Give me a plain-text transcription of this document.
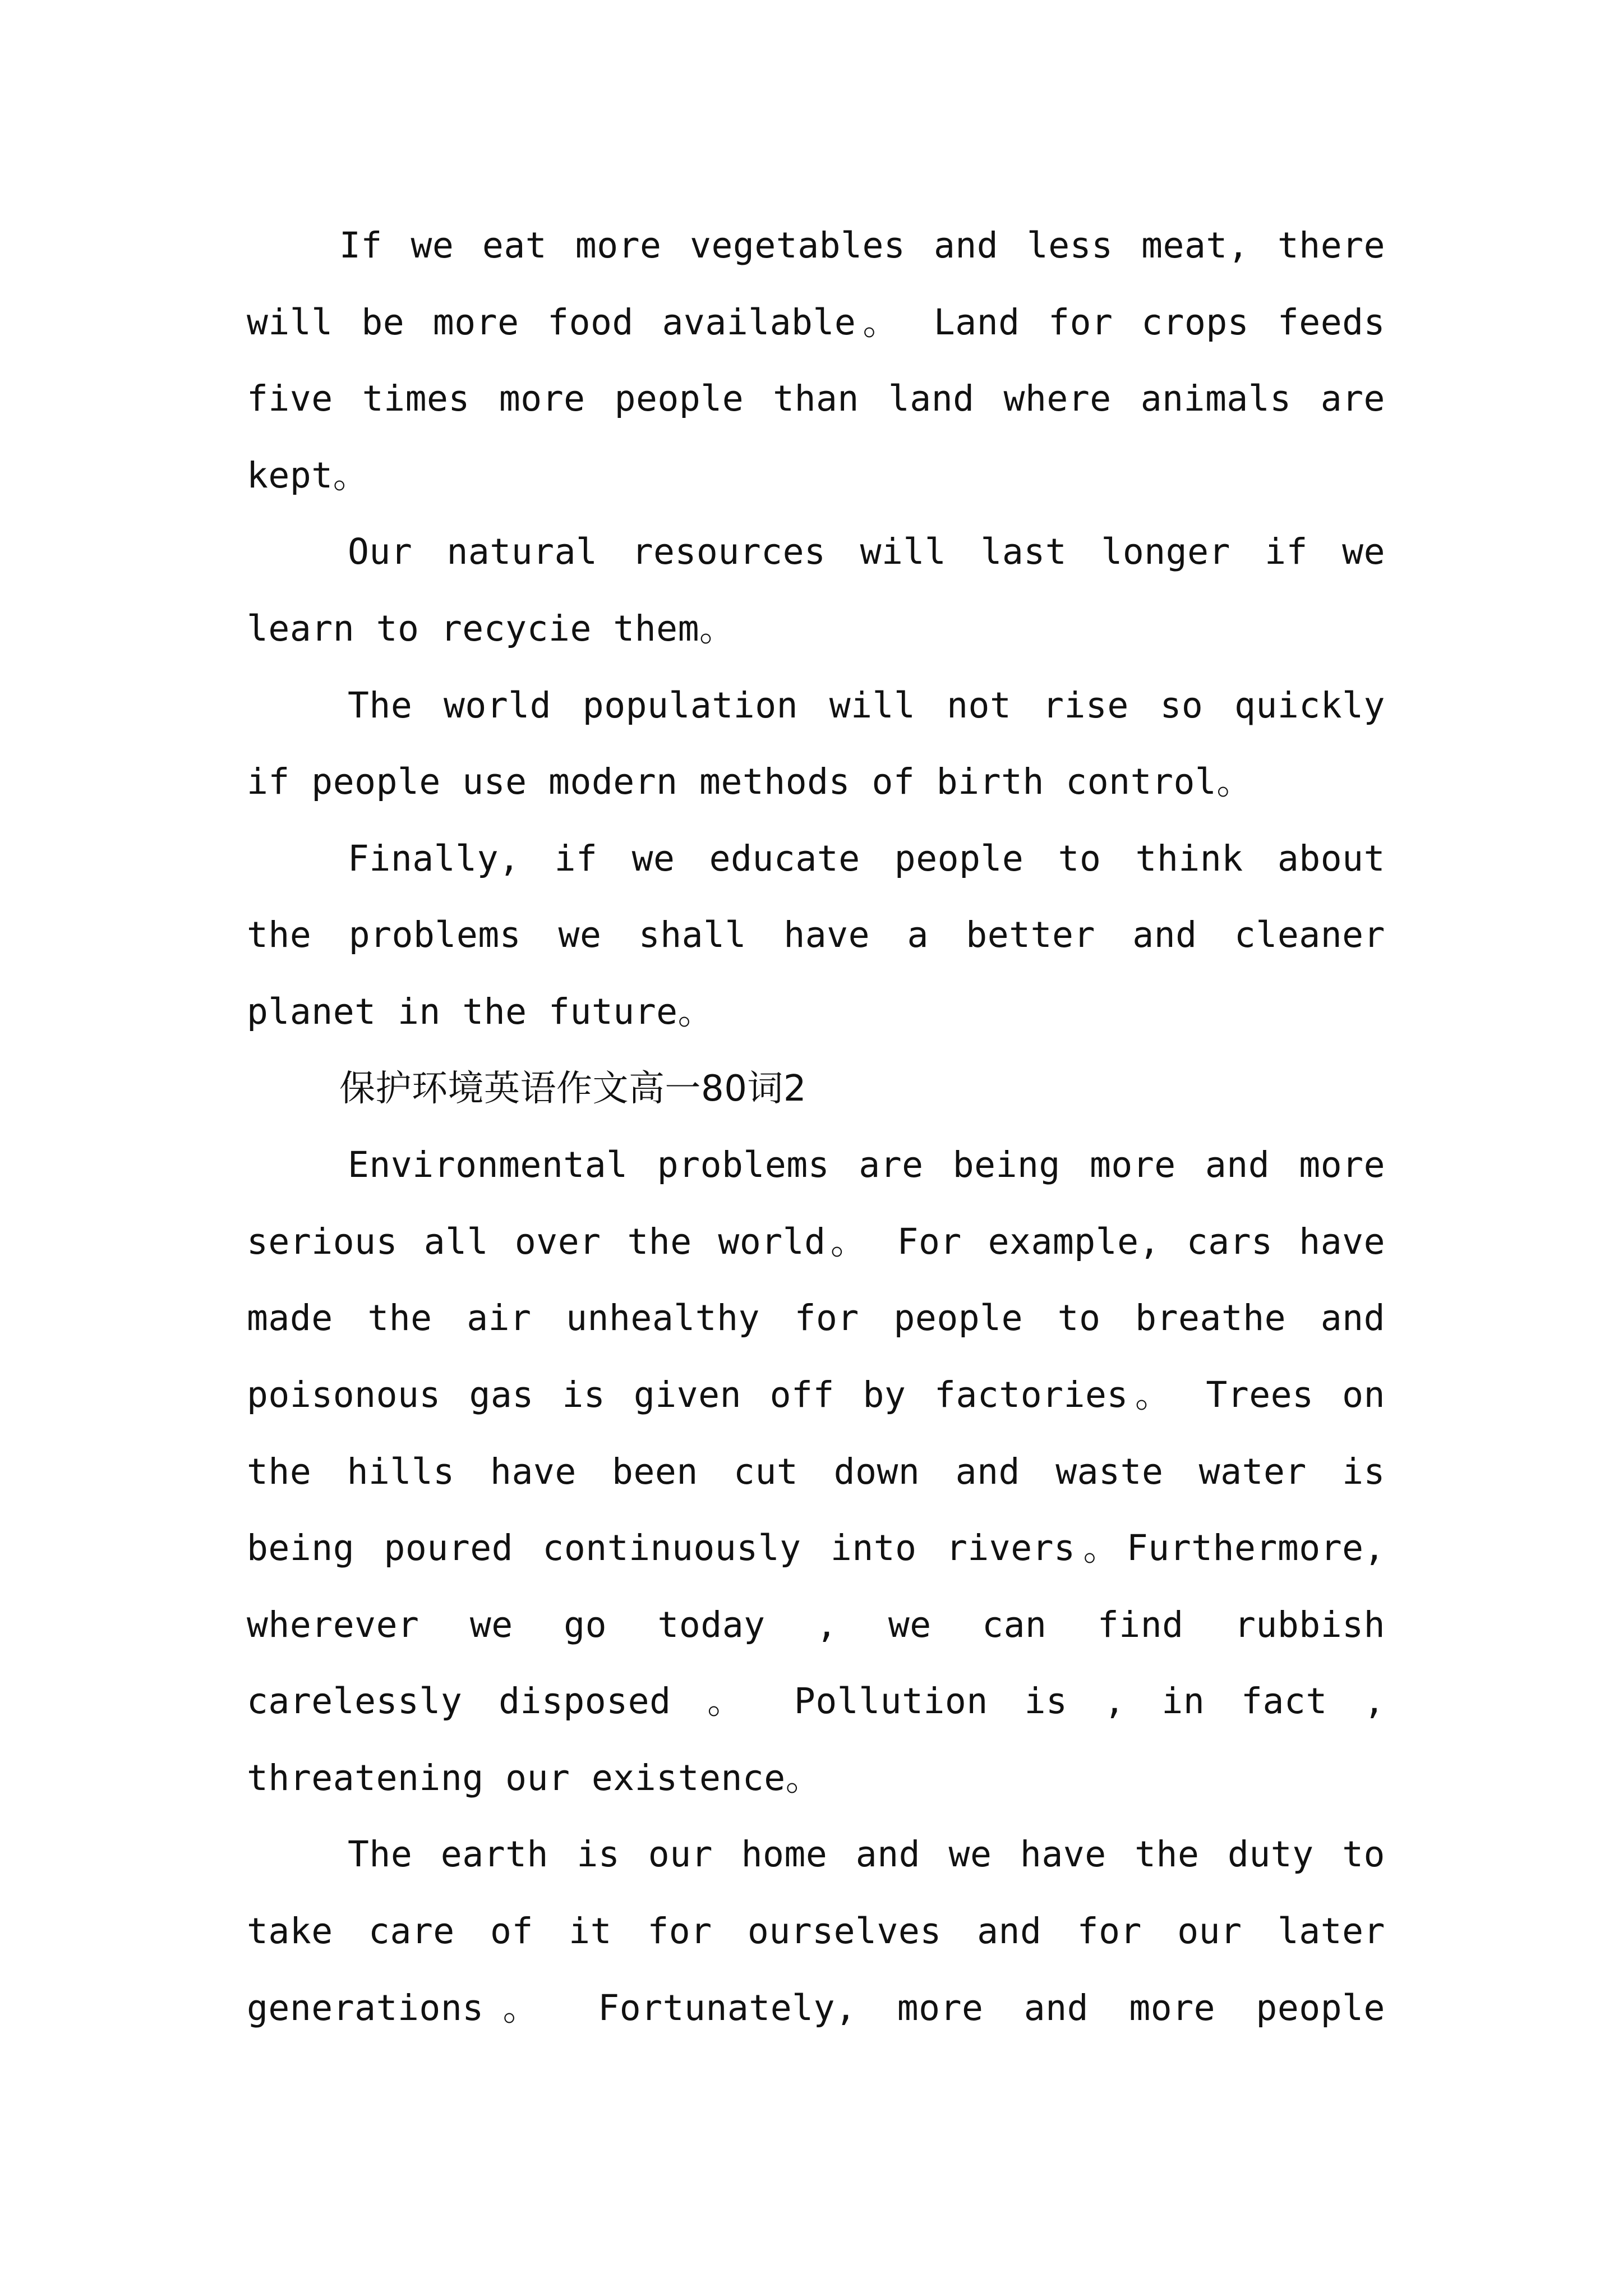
If we eat more vegetables and less meat, there
will be more food available。 Land for crops feeds
five times more people than land where animals are
kept。
Our natural resources will last longer if we
learn to recycie them。
The world population will not rise so quickly
if people use modern methods of birth control。
Finally, if we educate people to think about
the problems we shall have a better and cleaner
planet in the future。
保护环境英语作文高一80词2
Environmental problems are being more and more
serious all over the world。 For example, cars have
made the air unhealthy for people to breathe and
poisonous gas is given off by factories。 Trees on
the hills have been cut down and waste water is
being poured continuously into rivers。Furthermore,
wherever we go today , we can find rubbish
carelessly disposed 。 Pollution is , in fact ,
threatening our existence。
The earth is our home and we have the duty to
take care of it for ourselves and for our later
generations。 Fortunately, more and more people
